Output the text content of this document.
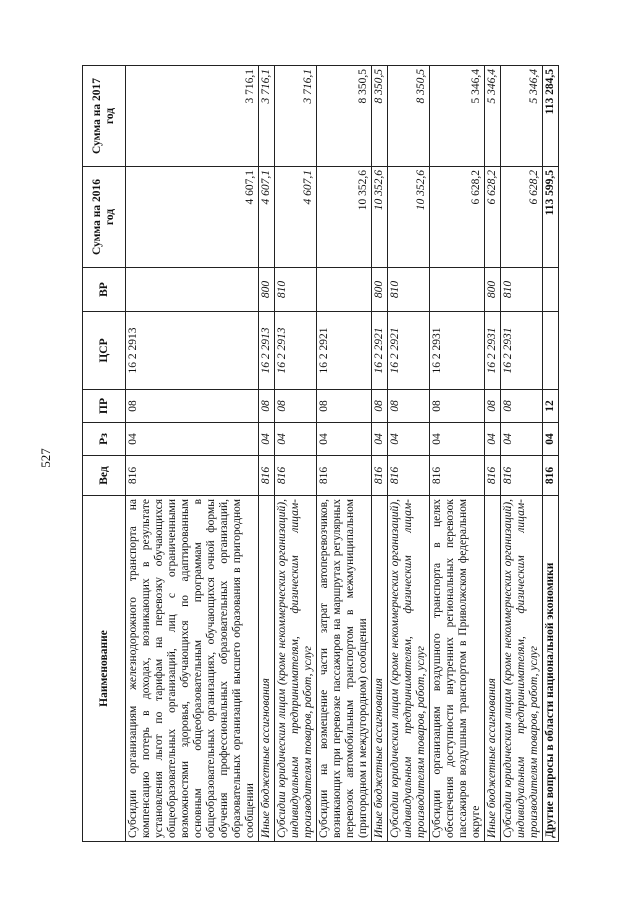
527
Наименование	Вед	Рз	ПР	ЦСР	ВР	Сумма на 2016 год	Сумма на 2017 год
Субсидии организациям железнодорожного транспорта на компенсацию потерь в доходах, возникающих в результате установления льгот по тарифам на перевозку обучающихся общеобразовательных организаций, лиц с ограниченными возможностями здоровья, обучающихся по адаптированным основным общеобразовательным программам в общеобразовательных организациях, обучающихся очной формы обучения профессиональных образовательных организаций, образовательных организаций высшего образования в пригородном сообщении	816	04	08	16 2 2913		4 607,1	3 716,1
Иные бюджетные ассигнования	816	04	08	16 2 2913	800	4 607,1	3 716,1
Субсидии юридическим лицам (кроме некоммерческих организаций), индивидуальным предпринимателям, физическим лицам-производителям товаров, работ, услуг	816	04	08	16 2 2913	810	4 607,1	3 716,1
Субсидии на возмещение части затрат автоперевозчиков, возникающих при перевозке пассажиров на маршрутах регулярных перевозок автомобильным транспортом в межмуниципальном (пригородном и междугородном) сообщении	816	04	08	16 2 2921		10 352,6	8 350,5
Иные бюджетные ассигнования	816	04	08	16 2 2921	800	10 352,6	8 350,5
Субсидии юридическим лицам (кроме некоммерческих организаций), индивидуальным предпринимателям, физическим лицам-производителям товаров, работ, услуг	816	04	08	16 2 2921	810	10 352,6	8 350,5
Субсидии организациям воздушного транспорта в целях обеспечения доступности внутренних региональных перевозок пассажиров воздушным транспортом в Приволжском федеральном округе	816	04	08	16 2 2931		6 628,2	5 346,4
Иные бюджетные ассигнования	816	04	08	16 2 2931	800	6 628,2	5 346,4
Субсидии юридическим лицам (кроме некоммерческих организаций), индивидуальным предпринимателям, физическим лицам-производителям товаров, работ, услуг	816	04	08	16 2 2931	810	6 628,2	5 346,4
Другие вопросы в области национальной экономики	816	04	12			113 599,5	113 284,5
